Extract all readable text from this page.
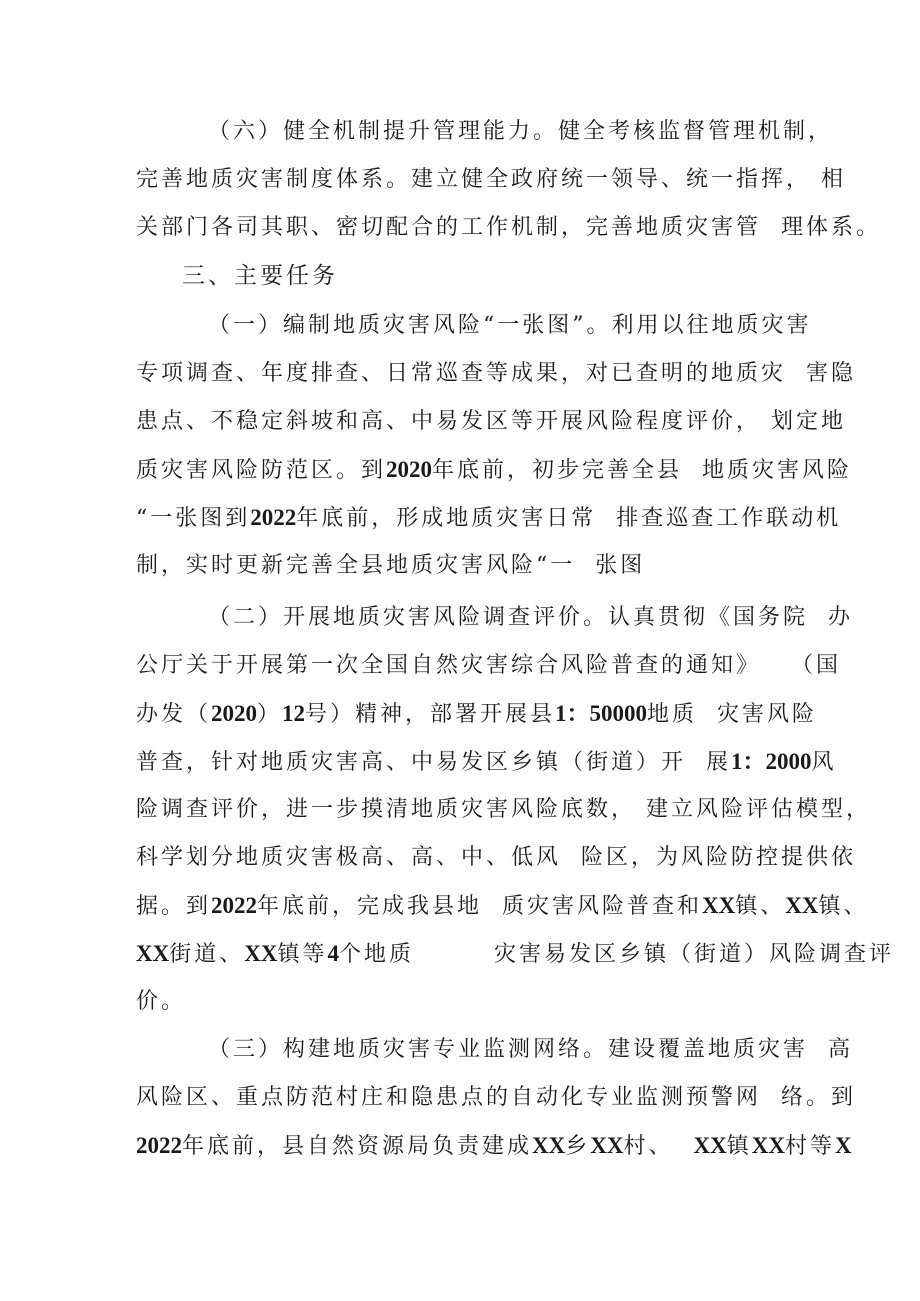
（六）健全机制提升管理能力。健全考核监督管理机制，
完善地质灾害制度体系。建立健全政府统一领导、统一指挥， 相
关部门各司其职、密切配合的工作机制，完善地质灾害管  理体系。
三、主要任务
（一）编制地质灾害风险“一张图”。利用以往地质灾害
专项调查、年度排查、日常巡查等成果，对已查明的地质灾  害隐
患点、不稳定斜坡和高、中易发区等开展风险程度评价， 划定地
质灾害风险防范区。到2020年底前，初步完善全县  地质灾害风险
“一张图到2022年底前，形成地质灾害日常  排查巡查工作联动机
制，实时更新完善全县地质灾害风险“一  张图
（二）开展地质灾害风险调查评价。认真贯彻《国务院  办
公厅关于开展第一次全国自然灾害综合风险普查的通知》   （国
办发（2020）12号）精神，部署开展县1：50000地质  灾害风险
普查，针对地质灾害高、中易发区乡镇（街道）开  展1：2000风
险调查评价，进一步摸清地质灾害风险底数， 建立风险评估模型，
科学划分地质灾害极高、高、中、低风  险区，为风险防控提供依
据。到2022年底前，完成我县地  质灾害风险普查和XX镇、XX镇、
XX街道、XX镇等4个地质        灾害易发区乡镇（街道）风险调查评
价。
（三）构建地质灾害专业监测网络。建设覆盖地质灾害  高
风险区、重点防范村庄和隐患点的自动化专业监测预警网  络。到
2022年底前，县自然资源局负责建成XX乡XX村、  XX镇XX村等X
